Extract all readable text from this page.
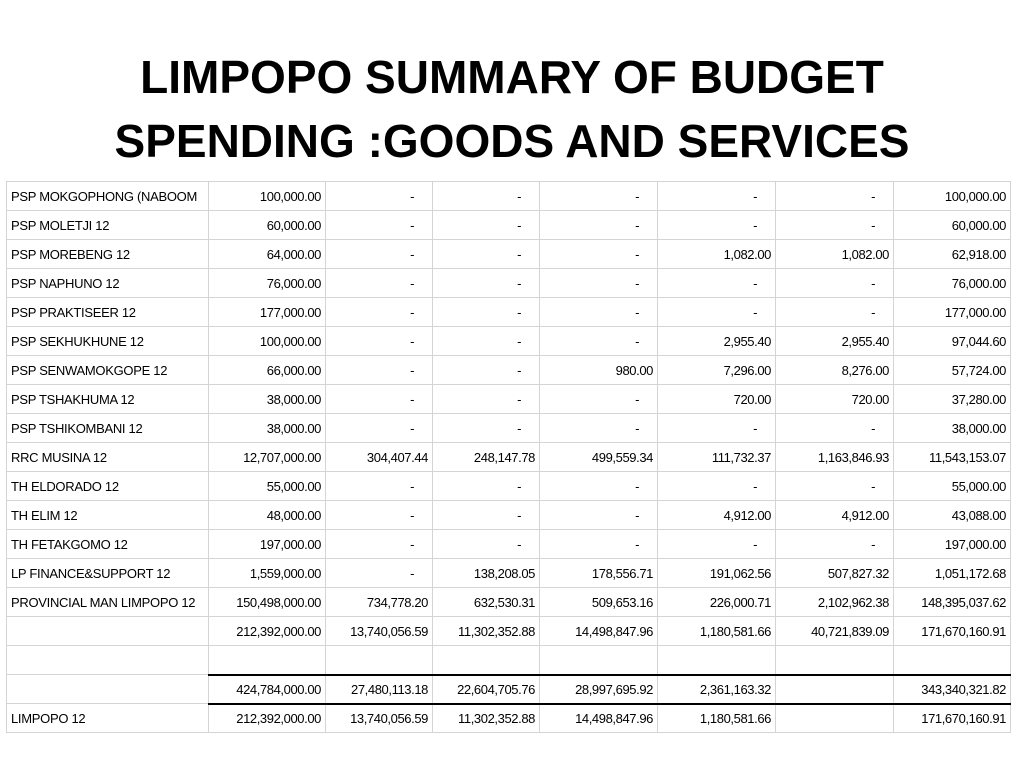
LIMPOPO SUMMARY OF BUDGET
SPENDING :GOODS AND SERVICES
PSP MOKGOPHONG (NABOOM	100,000.00	-	-	-	-	-	100,000.00
PSP MOLETJI 12	60,000.00	-	-	-	-	-	60,000.00
PSP MOREBENG 12	64,000.00	-	-	-	1,082.00	1,082.00	62,918.00
PSP NAPHUNO 12	76,000.00	-	-	-	-	-	76,000.00
PSP PRAKTISEER 12	177,000.00	-	-	-	-	-	177,000.00
PSP SEKHUKHUNE 12	100,000.00	-	-	-	2,955.40	2,955.40	97,044.60
PSP SENWAMOKGOPE 12	66,000.00	-	-	980.00	7,296.00	8,276.00	57,724.00
PSP TSHAKHUMA 12	38,000.00	-	-	-	720.00	720.00	37,280.00
PSP TSHIKOMBANI 12	38,000.00	-	-	-	-	-	38,000.00
RRC MUSINA 12	12,707,000.00	304,407.44	248,147.78	499,559.34	111,732.37	1,163,846.93	11,543,153.07
TH ELDORADO 12	55,000.00	-	-	-	-	-	55,000.00
TH ELIM 12	48,000.00	-	-	-	4,912.00	4,912.00	43,088.00
TH FETAKGOMO 12	197,000.00	-	-	-	-	-	197,000.00
LP FINANCE&SUPPORT 12	1,559,000.00	-	138,208.05	178,556.71	191,062.56	507,827.32	1,051,172.68
PROVINCIAL MAN LIMPOPO 12	150,498,000.00	734,778.20	632,530.31	509,653.16	226,000.71	2,102,962.38	148,395,037.62
	212,392,000.00	13,740,056.59	11,302,352.88	14,498,847.96	1,180,581.66	40,721,839.09	171,670,160.91

	424,784,000.00	27,480,113.18	22,604,705.76	28,997,695.92	2,361,163.32		343,340,321.82
LIMPOPO 12	212,392,000.00	13,740,056.59	11,302,352.88	14,498,847.96	1,180,581.66		171,670,160.91
